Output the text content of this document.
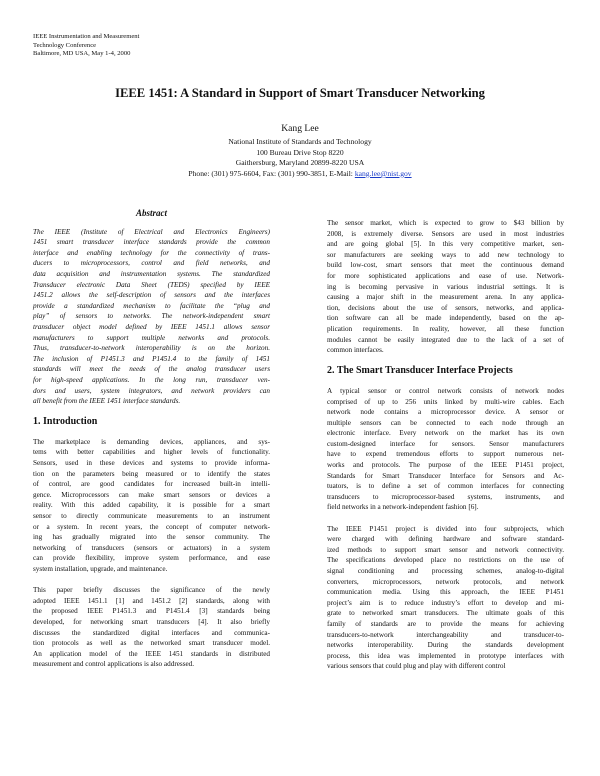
IEEE Instrumentation and Measurement
Technology Conference
Baltimore, MD USA, May 1-4, 2000
IEEE 1451: A Standard in Support of Smart Transducer Networking
Kang Lee
National Institute of Standards and Technology
100 Bureau Drive Stop 8220
Gaithersburg, Maryland 20899-8220 USA
Phone: (301) 975-6604, Fax: (301) 990-3851, E-Mail: kang.lee@nist.gov
Abstract

The IEEE (Institute of Electrical and Electronics Engineers)
1451 smart transducer interface standards provide the common
interface and enabling technology for the connectivity of trans-
ducers to microprocessors, control and field networks, and
data acquisition and instrumentation systems. The standardized
Transducer electronic Data Sheet (TEDS) specified by IEEE
1451.2 allows the self-description of sensors and the interfaces
provide a standardized mechanism to facilitate the “plug and
play” of sensors to networks. The network-independent smart
transducer object model defined by IEEE 1451.1 allows sensor
manufacturers to support multiple networks and protocols.
Thus, transducer-to-network interoperability is on the horizon.
The inclusion of P1451.3 and P1451.4 to the family of 1451
standards will meet the needs of the analog transducer users
for high-speed applications. In the long run, transducer ven-
dors and users, system integrators, and network providers can
all benefit from the IEEE 1451 interface standards.

1. Introduction

The marketplace is demanding devices, appliances, and sys-
tems with better capabilities and higher levels of functionality.
Sensors, used in these devices and systems to provide informa-
tion on the parameters being measured or to identify the states
of control, are good candidates for increased built-in intelli-
gence. Microprocessors can make smart sensors or devices a
reality. With this added capability, it is possible for a smart
sensor to directly communicate measurements to an instrument
or a system. In recent years, the concept of computer network-
ing has gradually migrated into the sensor community. The
networking of transducers (sensors or actuators) in a system
can provide flexibility, improve system performance, and ease
system installation, upgrade, and maintenance.

This paper briefly discusses the significance of the newly
adopted IEEE 1451.1 [1] and 1451.2 [2] standards, along with
the proposed IEEE P1451.3 and P1451.4 [3] standards being
developed, for networking smart transducers [4]. It also briefly
discusses the standardized digital interfaces and communica-
tion protocols as well as the networked smart transducer model.
An application model of the IEEE 1451 standards in distributed
measurement and control applications is also addressed.

The sensor market, which is expected to grow to $43 billion by
2008, is extremely diverse. Sensors are used in most industries
and are going global [5]. In this very competitive market, sen-
sor manufacturers are seeking ways to add new technology to
build low-cost, smart sensors that meet the continuous demand
for more sophisticated applications and ease of use. Network-
ing is becoming pervasive in various industrial settings. It is
causing a major shift in the measurement arena. In any applica-
tion, decisions about the use of sensors, networks, and applica-
tion software can all be made independently, based on the ap-
plication requirements. In reality, however, all these function
modules cannot be easily integrated due to the lack of a set of
common interfaces.

2. The Smart Transducer Interface Projects

A typical sensor or control network consists of network nodes
comprised of up to 256 units linked by multi-wire cables. Each
network node contains a microprocessor device. A sensor or
multiple sensors can be connected to each node through an
electronic interface. Every network on the market has its own
custom-designed interface for sensors. Sensor manufacturers
have to expend tremendous efforts to support numerous net-
works and protocols. The purpose of the IEEE P1451 project,
Standards for Smart Transducer Interface for Sensors and Ac-
tuators, is to define a set of common interfaces for connecting
transducers to microprocessor-based systems, instruments, and
field networks in a network-independent fashion [6].

The IEEE P1451 project is divided into four subprojects, which
were charged with defining hardware and software standard-
ized methods to support smart sensor and network connectivity.
The specifications developed place no restrictions on the use of
signal conditioning and processing schemes, analog-to-digital
converters, microprocessors, network protocols, and network
communication media. Using this approach, the IEEE P1451
project’s aim is to reduce industry’s effort to develop and mi-
grate to networked smart transducers. The ultimate goals of this
family of standards are to provide the means for achieving
transducers-to-network interchangeability and transducer-to-
networks interoperability. During the standards development
process, this idea was implemented in prototype interfaces with
various sensors that could plug and play with different control
